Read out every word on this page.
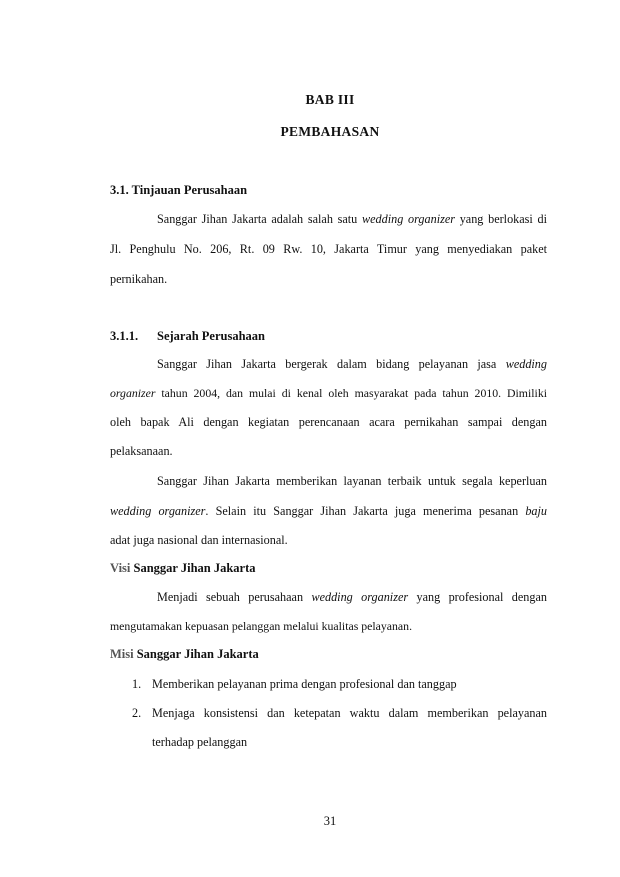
BAB III
PEMBAHASAN
3.1. Tinjauan Perusahaan
Sanggar Jihan Jakarta adalah salah satu wedding organizer yang berlokasi di
Jl. Penghulu No. 206, Rt. 09 Rw. 10, Jakarta Timur yang menyediakan paket
pernikahan.
3.1.1. Sejarah Perusahaan
Sanggar Jihan Jakarta bergerak dalam bidang pelayanan jasa wedding
organizer tahun 2004, dan mulai di kenal oleh masyarakat pada tahun 2010. Dimiliki
oleh bapak Ali dengan kegiatan perencanaan acara pernikahan sampai dengan
pelaksanaan.
Sanggar Jihan Jakarta memberikan layanan terbaik untuk segala keperluan
wedding organizer. Selain itu Sanggar Jihan Jakarta juga menerima pesanan baju
adat juga nasional dan internasional.
Visi Sanggar Jihan Jakarta
Menjadi sebuah perusahaan wedding organizer yang profesional dengan
mengutamakan kepuasan pelanggan melalui kualitas pelayanan.
Misi Sanggar Jihan Jakarta
1. Memberikan pelayanan prima dengan profesional dan tanggap
2. Menjaga konsistensi dan ketepatan waktu dalam memberikan pelayanan
terhadap pelanggan
31
